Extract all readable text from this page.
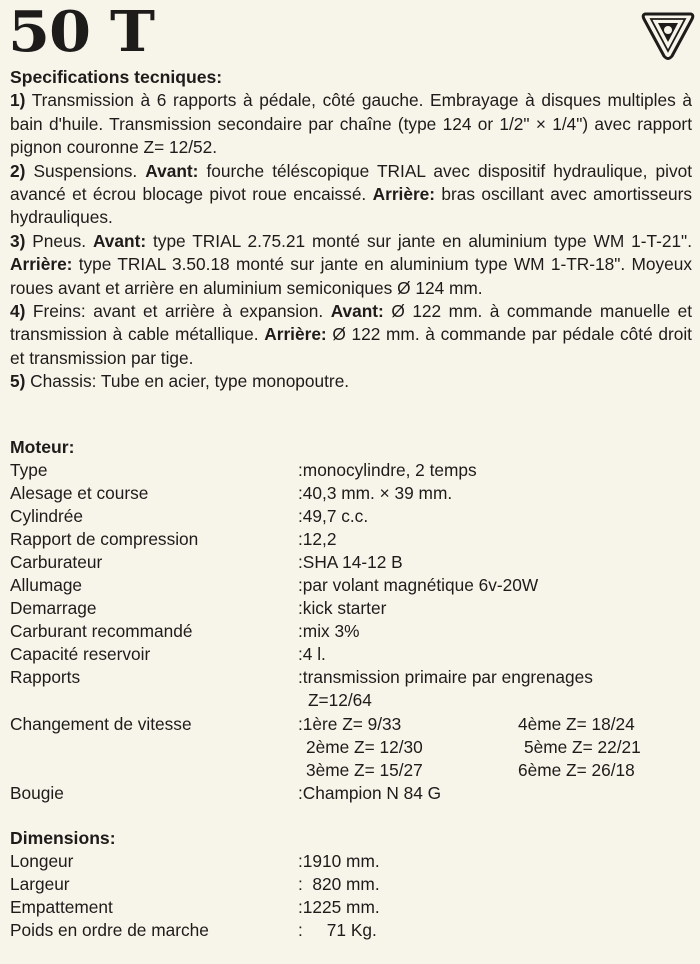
50 T
Specifications tecniques:

1) Transmission à 6 rapports à pédale, côté gauche. Embrayage à disques multiples à bain d'huile. Transmission secondaire par chaîne (type 124 or 1/2" × 1/4") avec rapport pignon couronne Z= 12/52.

2) Suspensions. Avant: fourche téléscopique TRIAL avec dispositif hydraulique, pivot avancé et écrou blocage pivot roue encaissé. Arrière: bras oscillant avec amortisseurs hydrauliques.

3) Pneus. Avant: type TRIAL 2.75.21 monté sur jante en aluminium type WM 1-T-21". Arrière: type TRIAL 3.50.18 monté sur jante en aluminium type WM 1-TR-18". Moyeux roues avant et arrière en aluminium semiconiques Ø 124 mm.

4) Freins: avant et arrière à expansion. Avant: Ø 122 mm. à commande manuelle et transmission à cable métallique. Arrière: Ø 122 mm. à commande par pédale côté droit et transmission par tige.

5) Chassis: Tube en acier, type monopoutre.

Moteur:
Type	:monocylindre, 2 temps
Alesage et course	:40,3 mm. × 39 mm.
Cylindrée	:49,7 c.c.
Rapport de compression	:12,2
Carburateur	:SHA 14-12 B
Allumage	:par volant magnétique 6v-20W
Demarrage	:kick starter
Carburant recommandé	:mix 3%
Capacité reservoir	:4 l.
Rapports	:transmission primaire par engrenages
Z=12/64
Changement de vitesse	:1ère Z= 9/33	4ème Z= 18/24
2ème Z= 12/30	5ème Z= 22/21
3ème Z= 15/27	6ème Z= 26/18
Bougie	:Champion N 84 G
Dimensions:
Longeur	:1910 mm.
Largeur	:  820 mm.
Empattement	:1225 mm.
Poids en ordre de marche	:     71 Kg.
